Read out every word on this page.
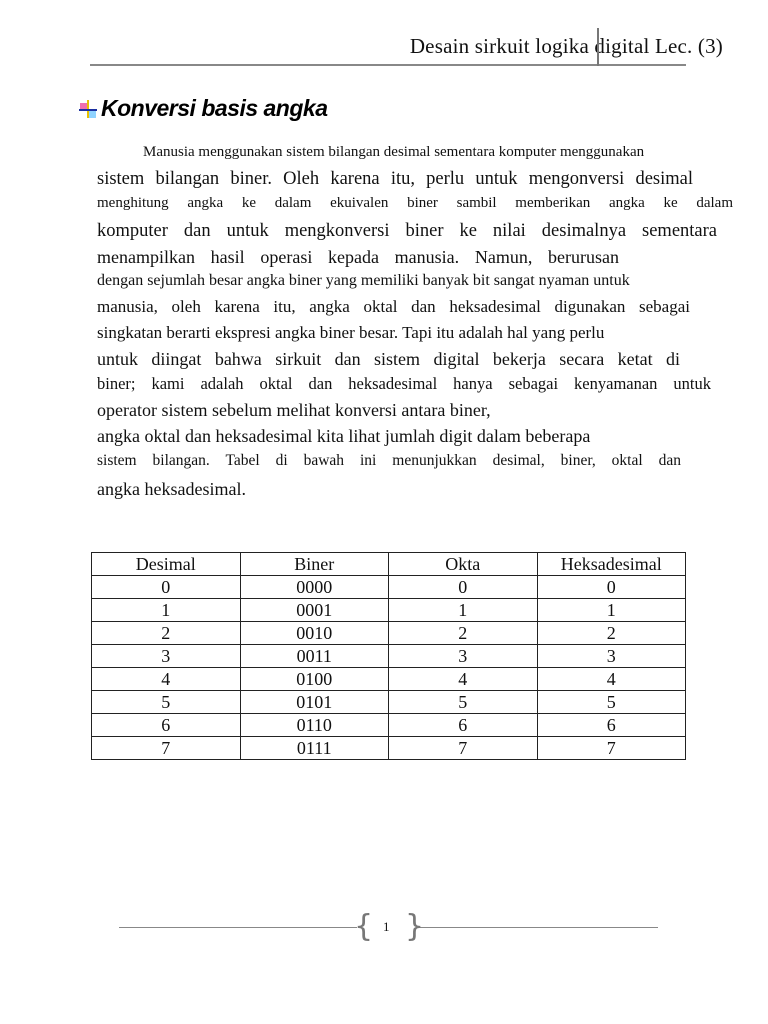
Desain sirkuit logika digital Lec. (3)
Konversi basis angka
Manusia menggunakan sistem bilangan desimal sementara komputer menggunakan
sistem bilangan biner. Oleh karena itu, perlu untuk mengonversi desimal
menghitung angka ke dalam ekuivalen biner sambil memberikan angka ke dalam
komputer dan untuk mengkonversi biner ke nilai desimalnya sementara
menampilkan hasil operasi kepada manusia. Namun, berurusan
dengan sejumlah besar angka biner yang memiliki banyak bit sangat nyaman untuk
manusia, oleh karena itu, angka oktal dan heksadesimal digunakan sebagai
singkatan berarti ekspresi angka biner besar. Tapi itu adalah hal yang perlu
untuk diingat bahwa sirkuit dan sistem digital bekerja secara ketat di
biner; kami adalah oktal dan heksadesimal hanya sebagai kenyamanan untuk
operator sistem sebelum melihat konversi antara biner,
angka oktal dan heksadesimal kita lihat jumlah digit dalam beberapa
sistem bilangan. Tabel di bawah ini menunjukkan desimal, biner, oktal dan
angka heksadesimal.
Desimal	Biner	Okta	Heksadesimal
0	0000	0	0
1	0001	1	1
2	0010	2	2
3	0011	3	3
4	0100	4	4
5	0101	5	5
6	0110	6	6
7	0111	7	7
{ }
1
